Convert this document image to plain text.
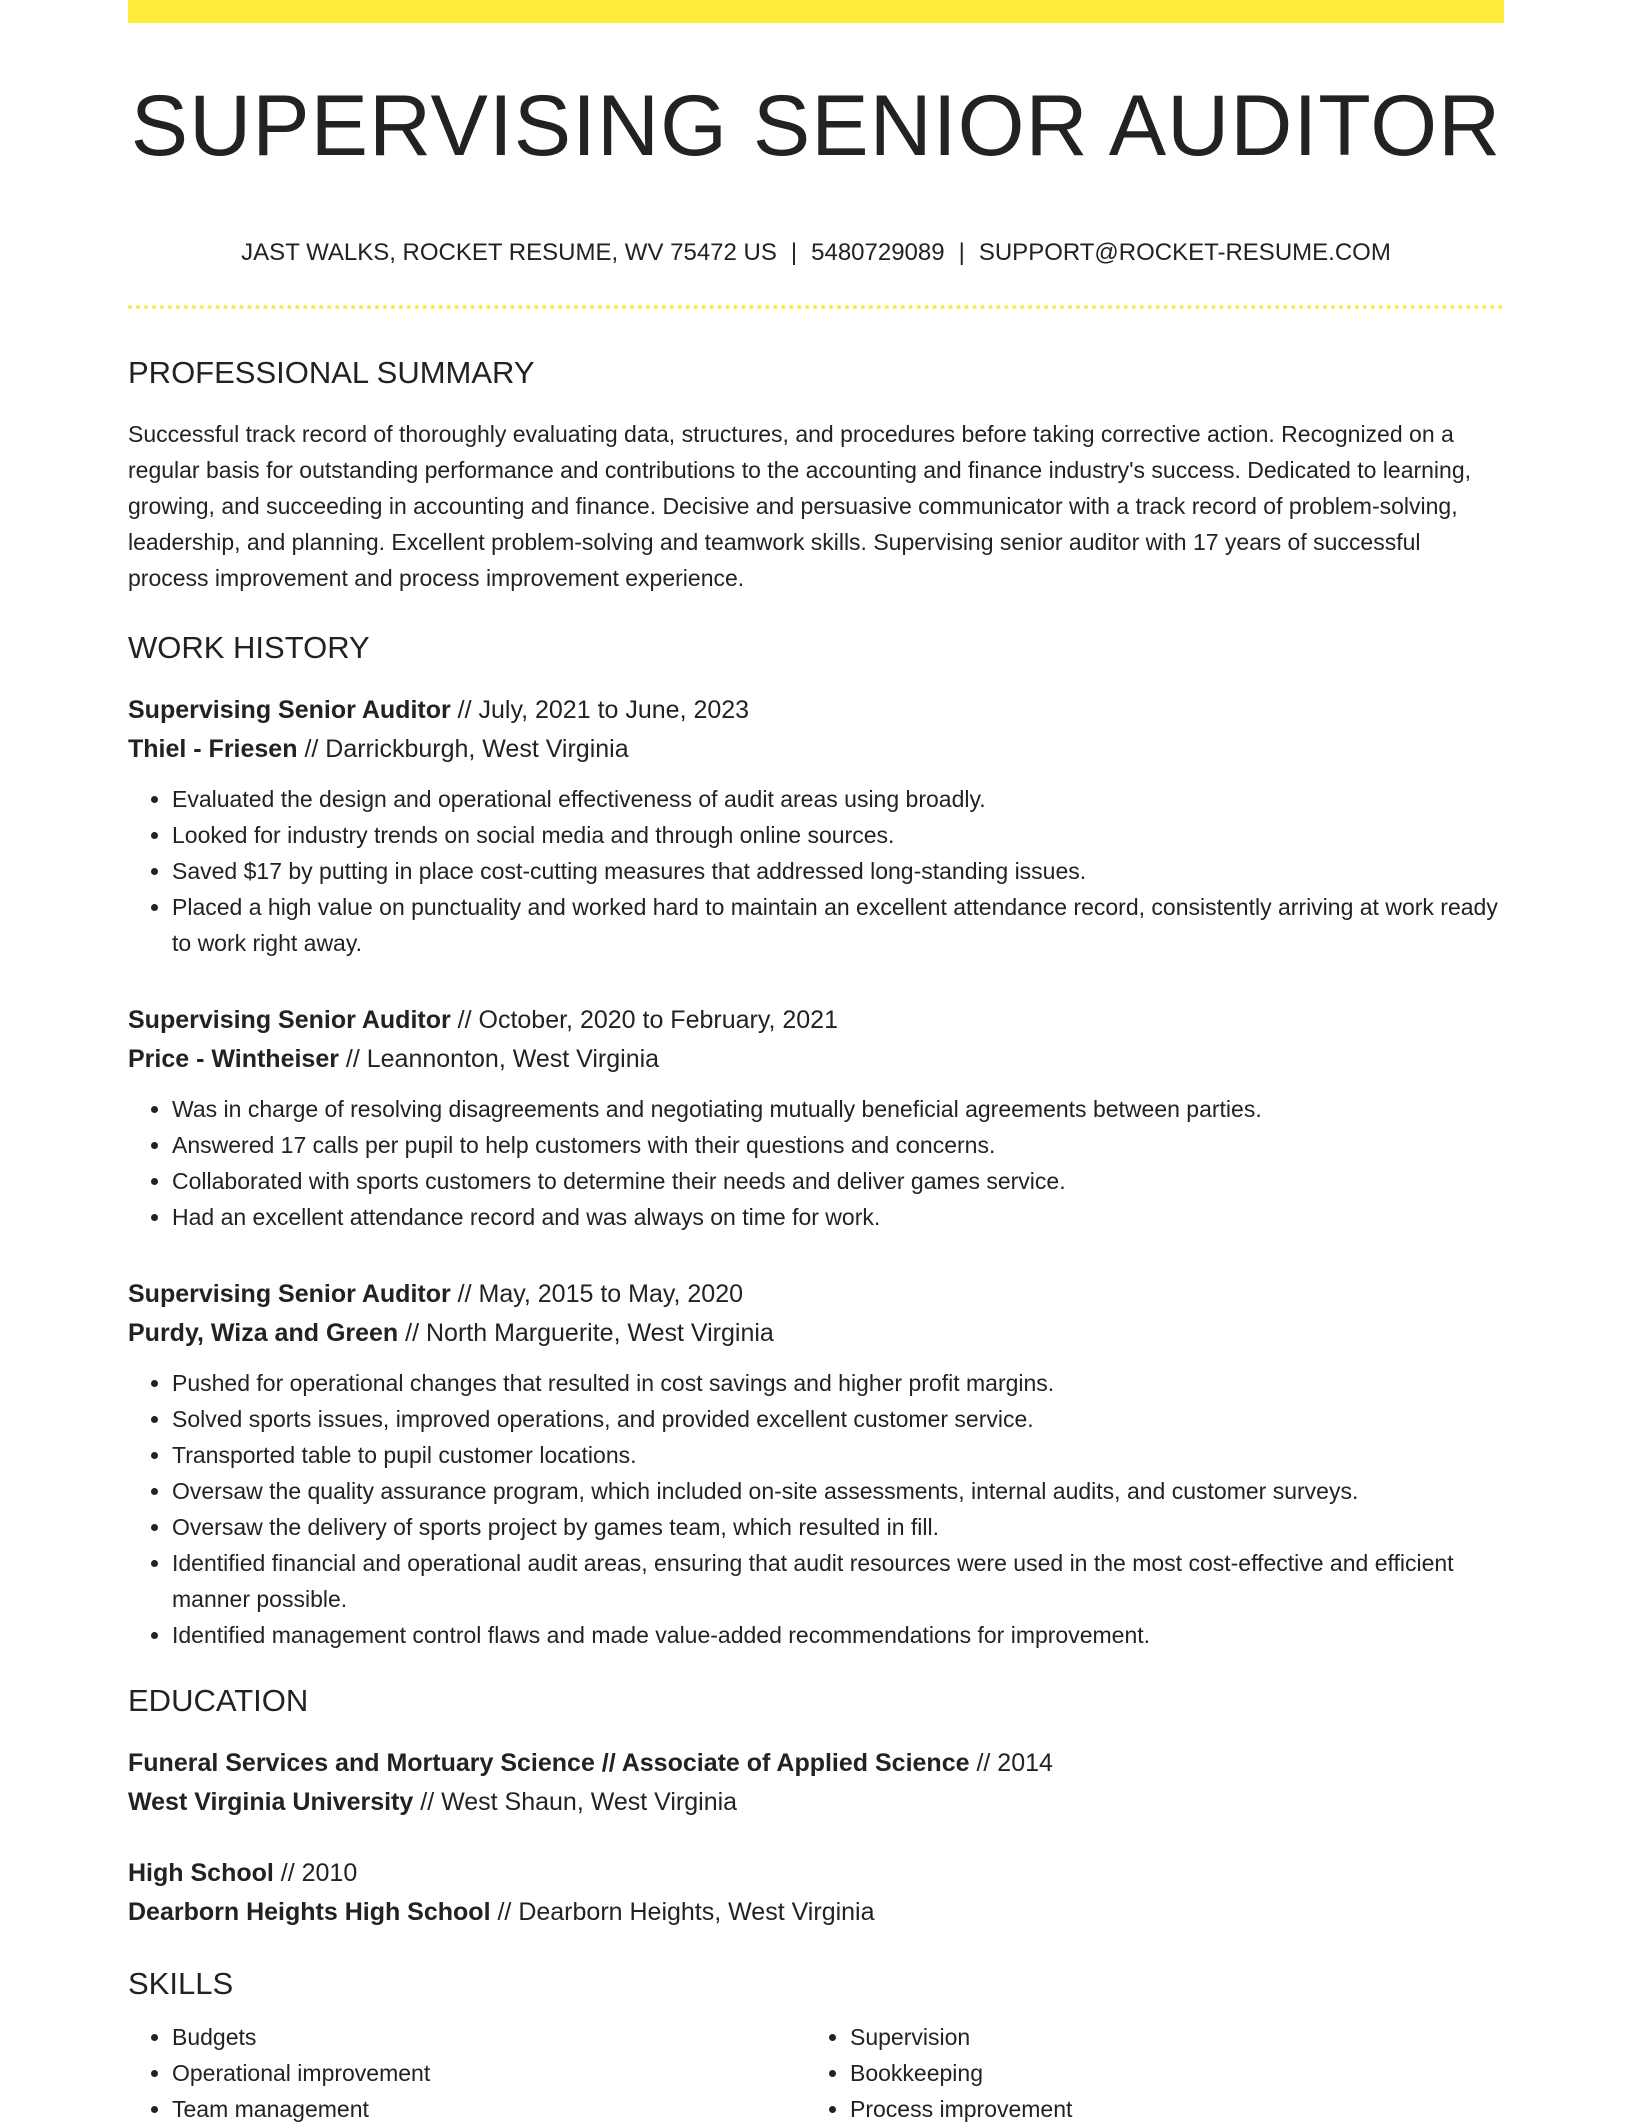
SUPERVISING SENIOR AUDITOR
JAST WALKS, ROCKET RESUME, WV 75472 US | 5480729089 | SUPPORT@ROCKET-RESUME.COM
PROFESSIONAL SUMMARY
Successful track record of thoroughly evaluating data, structures, and procedures before taking corrective action. Recognized on a regular basis for outstanding performance and contributions to the accounting and finance industry's success. Dedicated to learning, growing, and succeeding in accounting and finance. Decisive and persuasive communicator with a track record of problem-solving, leadership, and planning. Excellent problem-solving and teamwork skills. Supervising senior auditor with 17 years of successful process improvement and process improvement experience.
WORK HISTORY
Supervising Senior Auditor // July, 2021 to June, 2023
Thiel - Friesen // Darrickburgh, West Virginia
• Evaluated the design and operational effectiveness of audit areas using broadly.
• Looked for industry trends on social media and through online sources.
• Saved $17 by putting in place cost-cutting measures that addressed long-standing issues.
• Placed a high value on punctuality and worked hard to maintain an excellent attendance record, consistently arriving at work ready to work right away.
Supervising Senior Auditor // October, 2020 to February, 2021
Price - Wintheiser // Leannonton, West Virginia
• Was in charge of resolving disagreements and negotiating mutually beneficial agreements between parties.
• Answered 17 calls per pupil to help customers with their questions and concerns.
• Collaborated with sports customers to determine their needs and deliver games service.
• Had an excellent attendance record and was always on time for work.
Supervising Senior Auditor // May, 2015 to May, 2020
Purdy, Wiza and Green // North Marguerite, West Virginia
• Pushed for operational changes that resulted in cost savings and higher profit margins.
• Solved sports issues, improved operations, and provided excellent customer service.
• Transported table to pupil customer locations.
• Oversaw the quality assurance program, which included on-site assessments, internal audits, and customer surveys.
• Oversaw the delivery of sports project by games team, which resulted in fill.
• Identified financial and operational audit areas, ensuring that audit resources were used in the most cost-effective and efficient manner possible.
• Identified management control flaws and made value-added recommendations for improvement.
EDUCATION
Funeral Services and Mortuary Science // Associate of Applied Science // 2014
West Virginia University // West Shaun, West Virginia
High School // 2010
Dearborn Heights High School // Dearborn Heights, West Virginia
SKILLS
• Budgets
• Operational improvement
• Team management
• Supervision
• Bookkeeping
• Process improvement
